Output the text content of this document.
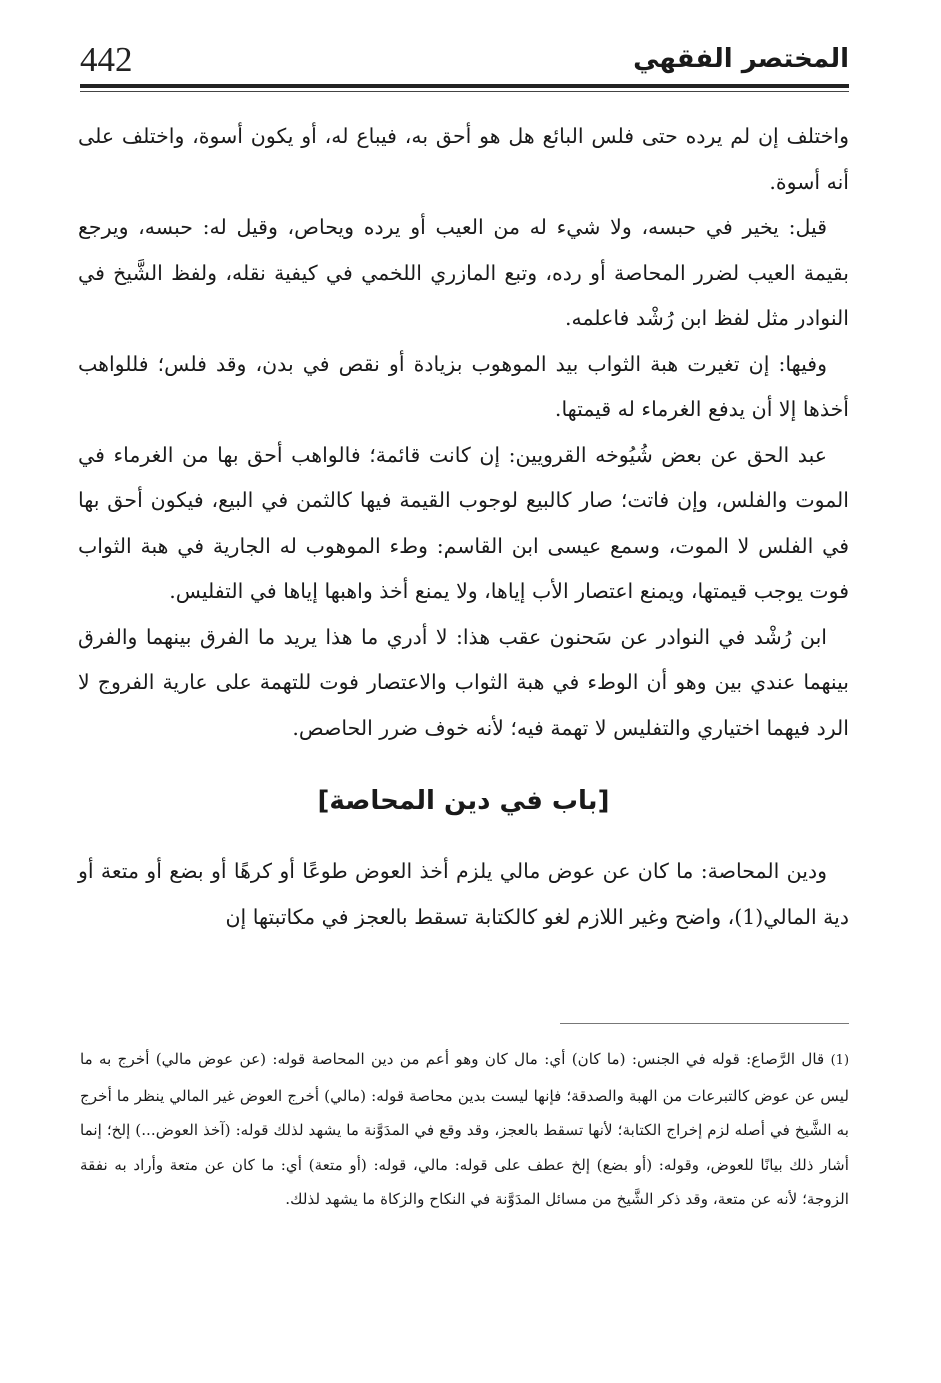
442	المختصر الفقهي

واختلف إن لم يرده حتى فلس البائع هل هو أحق به، فيباع له، أو يكون أسوة، واختلف على أنه أسوة.

قيل: يخير في حبسه، ولا شيء له من العيب أو يرده ويحاص، وقيل له: حبسه، ويرجع بقيمة العيب لضرر المحاصة أو رده، وتبع المازري اللخمي في كيفية نقله، ولفظ الشَّيخ في النوادر مثل لفظ ابن رُشْد فاعلمه.

وفيها: إن تغيرت هبة الثواب بيد الموهوب بزيادة أو نقص في بدن، وقد فلس؛ فللواهب أخذها إلا أن يدفع الغرماء له قيمتها.

عبد الحق عن بعض شُيُوخه القرويين: إن كانت قائمة؛ فالواهب أحق بها من الغرماء في الموت والفلس، وإن فاتت؛ صار كالبيع لوجوب القيمة فيها كالثمن في البيع، فيكون أحق بها في الفلس لا الموت، وسمع عيسى ابن القاسم: وطء الموهوب له الجارية في هبة الثواب فوت يوجب قيمتها، ويمنع اعتصار الأب إياها، ولا يمنع أخذ واهبها إياها في التفليس.

ابن رُشْد في النوادر عن سَحنون عقب هذا: لا أدري ما هذا يريد ما الفرق بينهما والفرق بينهما عندي بين وهو أن الوطء في هبة الثواب والاعتصار فوت للتهمة على عارية الفروج لا الرد فيهما اختياري والتفليس لا تهمة فيه؛ لأنه خوف ضرر الحاصص.

[باب في دين المحاصة]

ودين المحاصة: ما كان عن عوض مالي يلزم أخذ العوض طوعًا أو كرهًا أو بضع أو متعة أو دية المالي(1)، واضح وغير اللازم لغو كالكتابة تسقط بالعجز في مكاتبتها إن

(1) قال الرَّصاع: قوله في الجنس: (ما كان) أي: مال كان وهو أعم من دين المحاصة قوله: (عن عوض مالي) أخرج به ما ليس عن عوض كالتبرعات من الهبة والصدقة؛ فإنها ليست بدين محاصة قوله: (مالي) أخرج العوض غير المالي ينظر ما أخرج به الشَّيخ في أصله لزم إخراج الكتابة؛ لأنها تسقط بالعجز، وقد وقع في المدَوَّنة ما يشهد لذلك قوله: (آخذ العوض...) إلخ؛ إنما أشار ذلك بيانًا للعوض، وقوله: (أو بضع) إلخ عطف على قوله: مالي، قوله: (أو متعة) أي: ما كان عن متعة وأراد به نفقة الزوجة؛ لأنه عن متعة، وقد ذكر الشَّيخ من مسائل المدَوَّنة في النكاح والزكاة ما يشهد لذلك.
